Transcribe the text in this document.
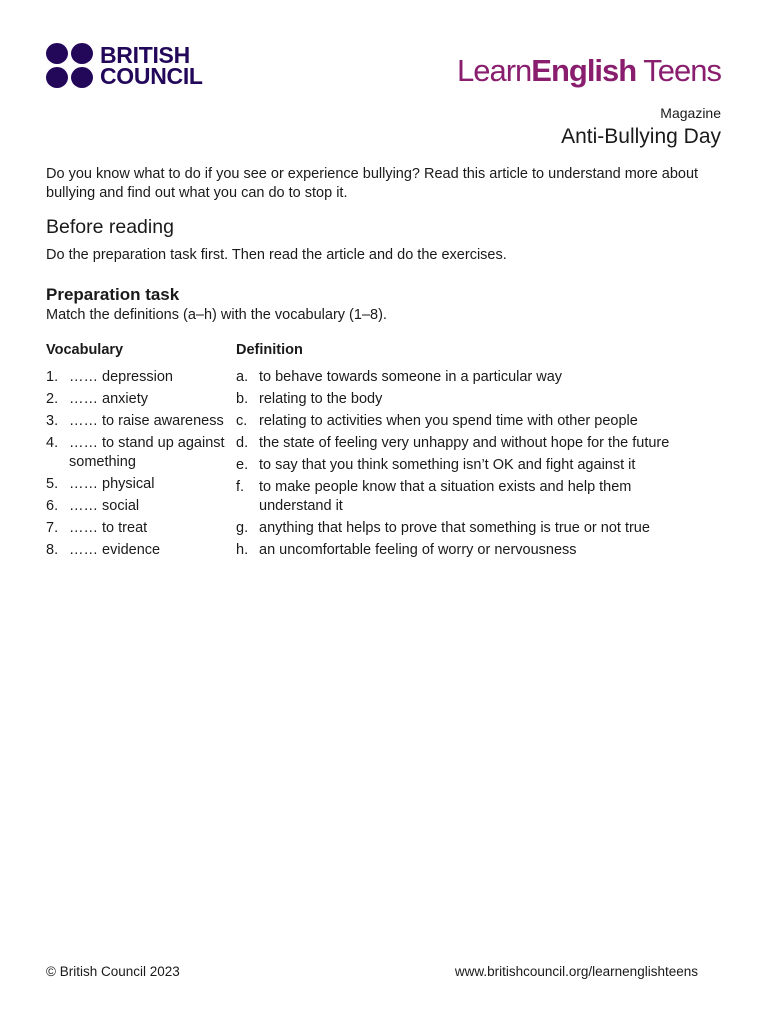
BRITISH
COUNCIL	LearnEnglish Teens
Magazine
Anti-Bullying Day

Do you know what to do if you see or experience bullying? Read this article to understand more about bullying and find out what you can do to stop it.

Before reading

Do the preparation task first. Then read the article and do the exercises.

Preparation task

Match the definitions (a–h) with the vocabulary (1–8).

Vocabulary
1. …… depression
2. …… anxiety
3. …… to raise awareness
4. …… to stand up against something
5. …… physical
6. …… social
7. …… to treat
8. …… evidence
Definition
a. to behave towards someone in a particular way
b. relating to the body
c. relating to activities when you spend time with other people
d. the state of feeling very unhappy and without hope for the future
e. to say that you think something isn’t OK and fight against it
f.	to make people know that a situation exists and help them understand it
g. anything that helps to prove that something is true or not true
h. an uncomfortable feeling of worry or nervousness
© British Council 2023	www.britishcouncil.org/learnenglishteens
